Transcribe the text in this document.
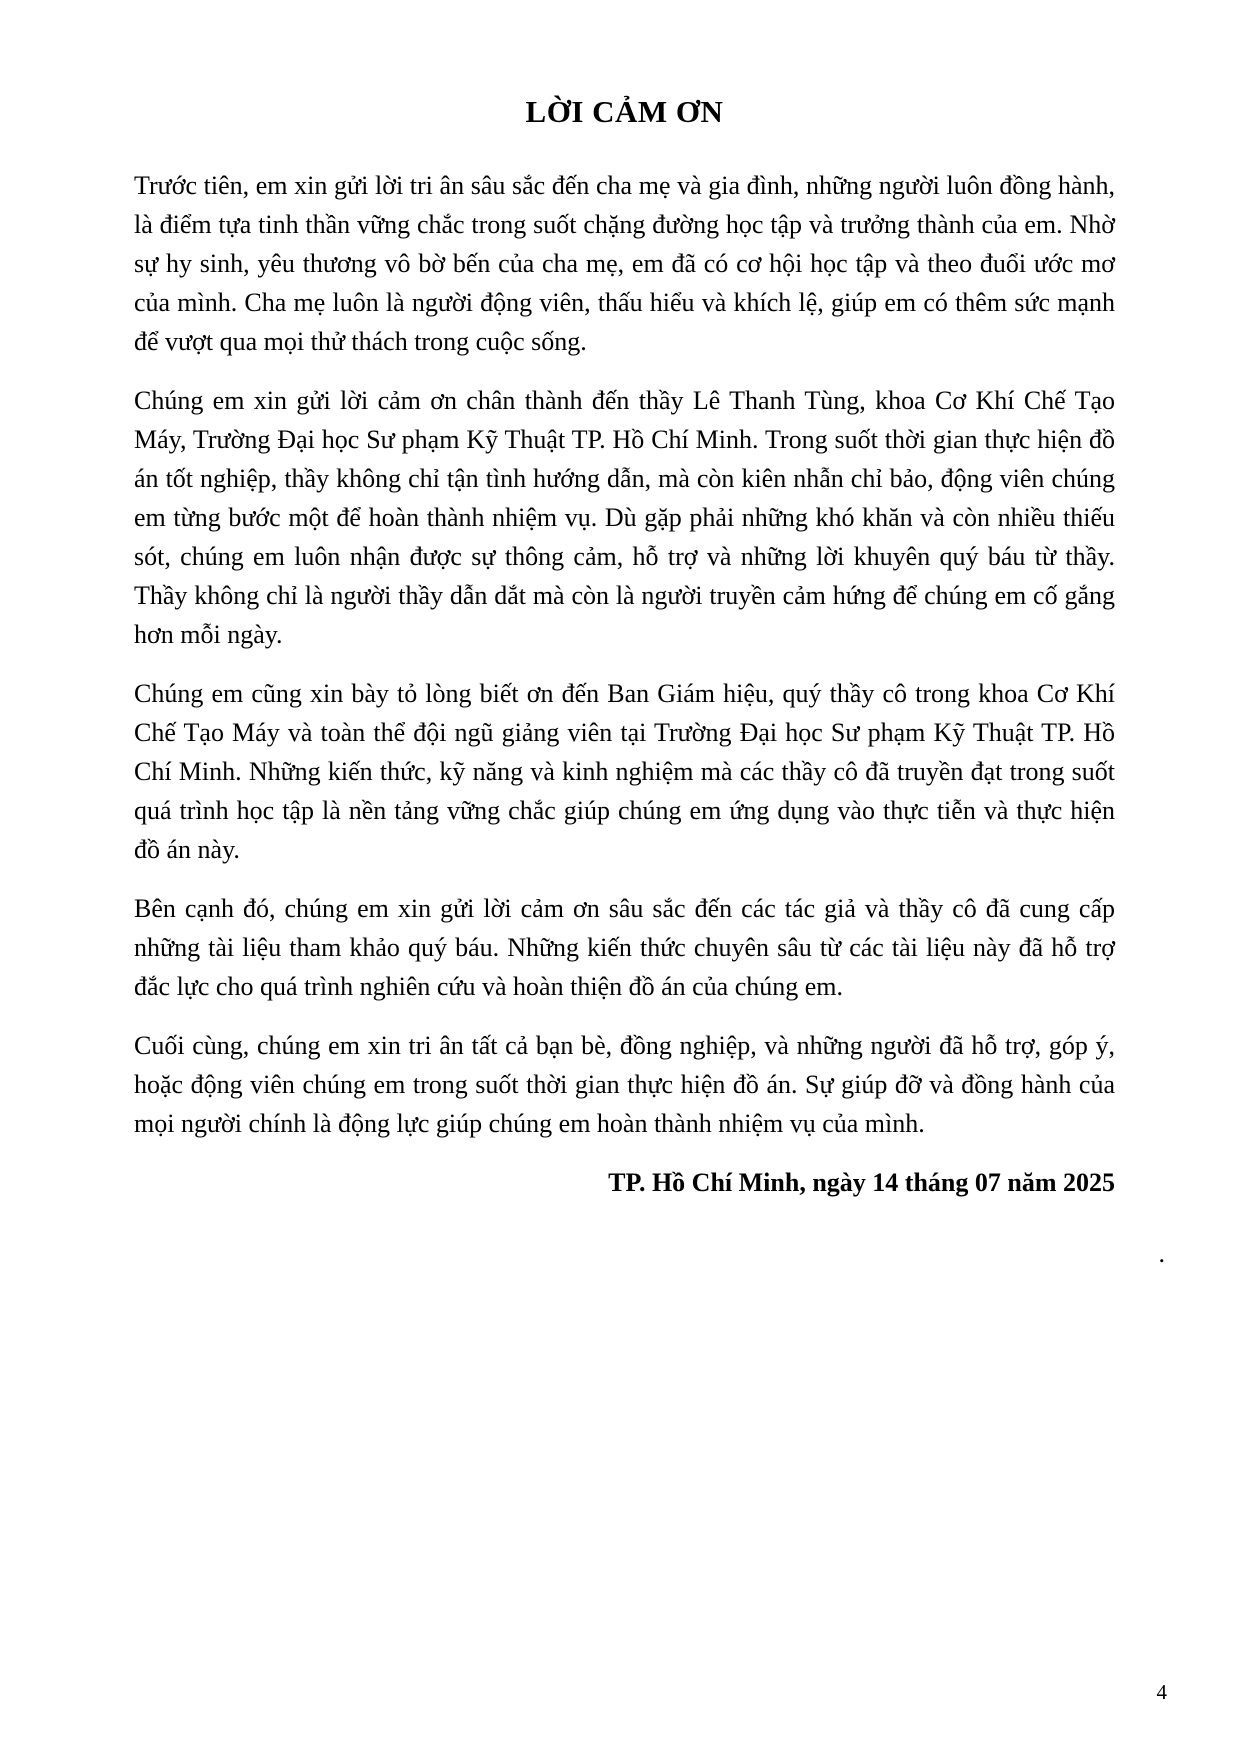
LỜI CẢM ƠN

Trước tiên, em xin gửi lời tri ân sâu sắc đến cha mẹ và gia đình, những người luôn đồng hành, là điểm tựa tinh thần vững chắc trong suốt chặng đường học tập và trưởng thành của em. Nhờ sự hy sinh, yêu thương vô bờ bến của cha mẹ, em đã có cơ hội học tập và theo đuổi ước mơ của mình. Cha mẹ luôn là người động viên, thấu hiểu và khích lệ, giúp em có thêm sức mạnh để vượt qua mọi thử thách trong cuộc sống.

Chúng em xin gửi lời cảm ơn chân thành đến thầy Lê Thanh Tùng, khoa Cơ Khí Chế Tạo Máy, Trường Đại học Sư phạm Kỹ Thuật TP. Hồ Chí Minh. Trong suốt thời gian thực hiện đồ án tốt nghiệp, thầy không chỉ tận tình hướng dẫn, mà còn kiên nhẫn chỉ bảo, động viên chúng em từng bước một để hoàn thành nhiệm vụ. Dù gặp phải những khó khăn và còn nhiều thiếu sót, chúng em luôn nhận được sự thông cảm, hỗ trợ và những lời khuyên quý báu từ thầy. Thầy không chỉ là người thầy dẫn dắt mà còn là người truyền cảm hứng để chúng em cố gắng hơn mỗi ngày.

Chúng em cũng xin bày tỏ lòng biết ơn đến Ban Giám hiệu, quý thầy cô trong khoa Cơ Khí Chế Tạo Máy và toàn thể đội ngũ giảng viên tại Trường Đại học Sư phạm Kỹ Thuật TP. Hồ Chí Minh. Những kiến thức, kỹ năng và kinh nghiệm mà các thầy cô đã truyền đạt trong suốt quá trình học tập là nền tảng vững chắc giúp chúng em ứng dụng vào thực tiễn và thực hiện đồ án này.

Bên cạnh đó, chúng em xin gửi lời cảm ơn sâu sắc đến các tác giả và thầy cô đã cung cấp những tài liệu tham khảo quý báu. Những kiến thức chuyên sâu từ các tài liệu này đã hỗ trợ đắc lực cho quá trình nghiên cứu và hoàn thiện đồ án của chúng em.

Cuối cùng, chúng em xin tri ân tất cả bạn bè, đồng nghiệp, và những người đã hỗ trợ, góp ý, hoặc động viên chúng em trong suốt thời gian thực hiện đồ án. Sự giúp đỡ và đồng hành của mọi người chính là động lực giúp chúng em hoàn thành nhiệm vụ của mình.

TP. Hồ Chí Minh, ngày 14 tháng 07 năm 2025

.

4
